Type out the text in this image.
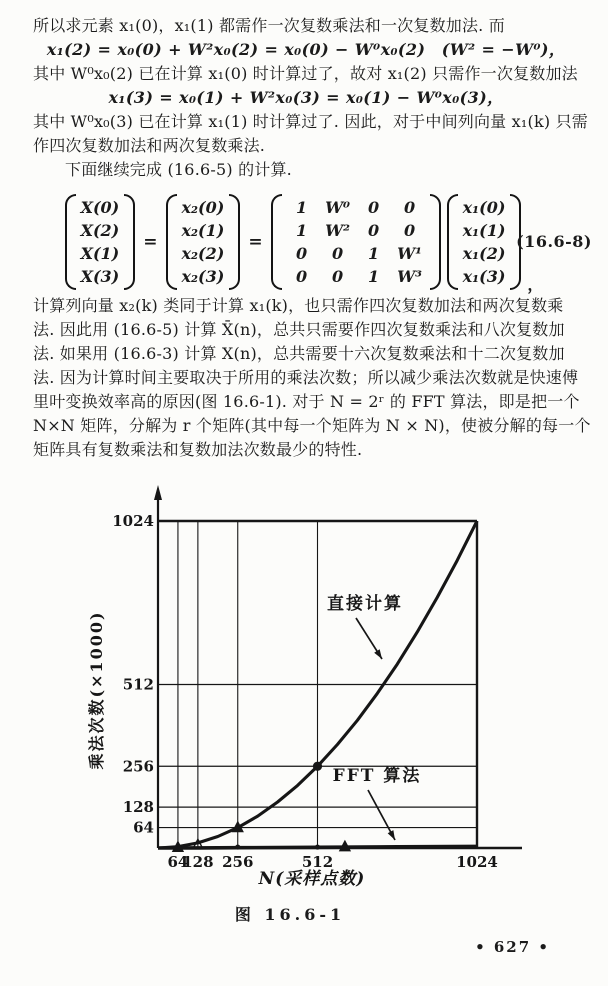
所以求元素 x₁(0)，x₁(1) 都需作一次复数乘法和一次复数加法. 而
x₁(2) = x₀(0) + W²x₀(2) = x₀(0) − W⁰x₀(2)　(W² = −W⁰)，
其中 W⁰x₀(2) 已在计算 x₁(0) 时计算过了，故对 x₁(2) 只需作一次复数加法
x₁(3) = x₀(1) + W²x₀(3) = x₀(1) − W⁰x₀(3)，
其中 W⁰x₀(3) 已在计算 x₁(1) 时计算过了. 因此，对于中间列向量 x₁(k) 只需
作四次复数加法和两次复数乘法.
下面继续完成 (16.6-5) 的计算.
X(0)
X(2)
X(1)
X(3)
=
x₂(0)
x₂(1)
x₂(2)
x₂(3)
=
1	W⁰	0	0
1	W²	0	0
0	0	1	W¹
0	0	1	W³
x₁(0)
x₁(1)
x₁(2)
x₁(3) ，
(16.6-8)
计算列向量 x₂(k) 类同于计算 x₁(k)，也只需作四次复数加法和两次复数乘
法. 因此用 (16.6-5) 计算 X̄(n)，总共只需要作四次复数乘法和八次复数加
法. 如果用 (16.6-3) 计算 X(n)，总共需要十六次复数乘法和十二次复数加
法. 因为计算时间主要取决于所用的乘法次数；所以减少乘法次数就是快速傅
里叶变换效率高的原因(图 16.6-1). 对于 N = 2ʳ 的 FFT 算法，即是把一个
N×N 矩阵，分解为 r 个矩阵(其中每一个矩阵为 N × N)，使被分解的每一个
矩阵具有复数乘法和复数加法次数最少的特性.
64
128
256
512
1024
64
128 256	512	1024
直接计算
FFT 算法
乘法次数(×1000)
N(采样点数)
图 16.6-1
• 627 •
